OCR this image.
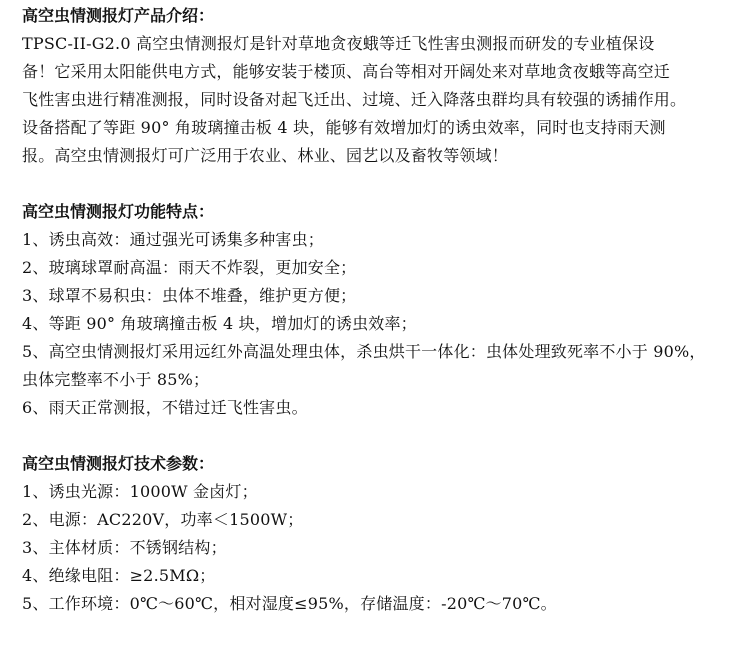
高空虫情测报灯产品介绍：

TPSC-II-G2.0 高空虫情测报灯是针对草地贪夜蛾等迁飞性害虫测报而研发的专业植保设
备！它采用太阳能供电方式，能够安装于楼顶、高台等相对开阔处来对草地贪夜蛾等高空迁
飞性害虫进行精准测报，同时设备对起飞迁出、过境、迁入降落虫群均具有较强的诱捕作用。
设备搭配了等距 90° 角玻璃撞击板 4 块，能够有效增加灯的诱虫效率，同时也支持雨天测
报。高空虫情测报灯可广泛用于农业、林业、园艺以及畜牧等领域！

高空虫情测报灯功能特点：
1、诱虫高效：通过强光可诱集多种害虫；
2、玻璃球罩耐高温：雨天不炸裂，更加安全；
3、球罩不易积虫：虫体不堆叠，维护更方便；
4、等距 90° 角玻璃撞击板 4 块，增加灯的诱虫效率；
5、高空虫情测报灯采用远红外高温处理虫体，杀虫烘干一体化：虫体处理致死率不小于 90%，
虫体完整率不小于 85%；
6、雨天正常测报，不错过迁飞性害虫。
高空虫情测报灯技术参数：
1、诱虫光源：1000W 金卤灯；
2、电源：AC220V，功率＜1500W；
3、主体材质：不锈钢结构；
4、绝缘电阻：≥2.5MΩ；
5、工作环境：0℃～60℃，相对湿度≤95%，存储温度：-20℃～70℃。
